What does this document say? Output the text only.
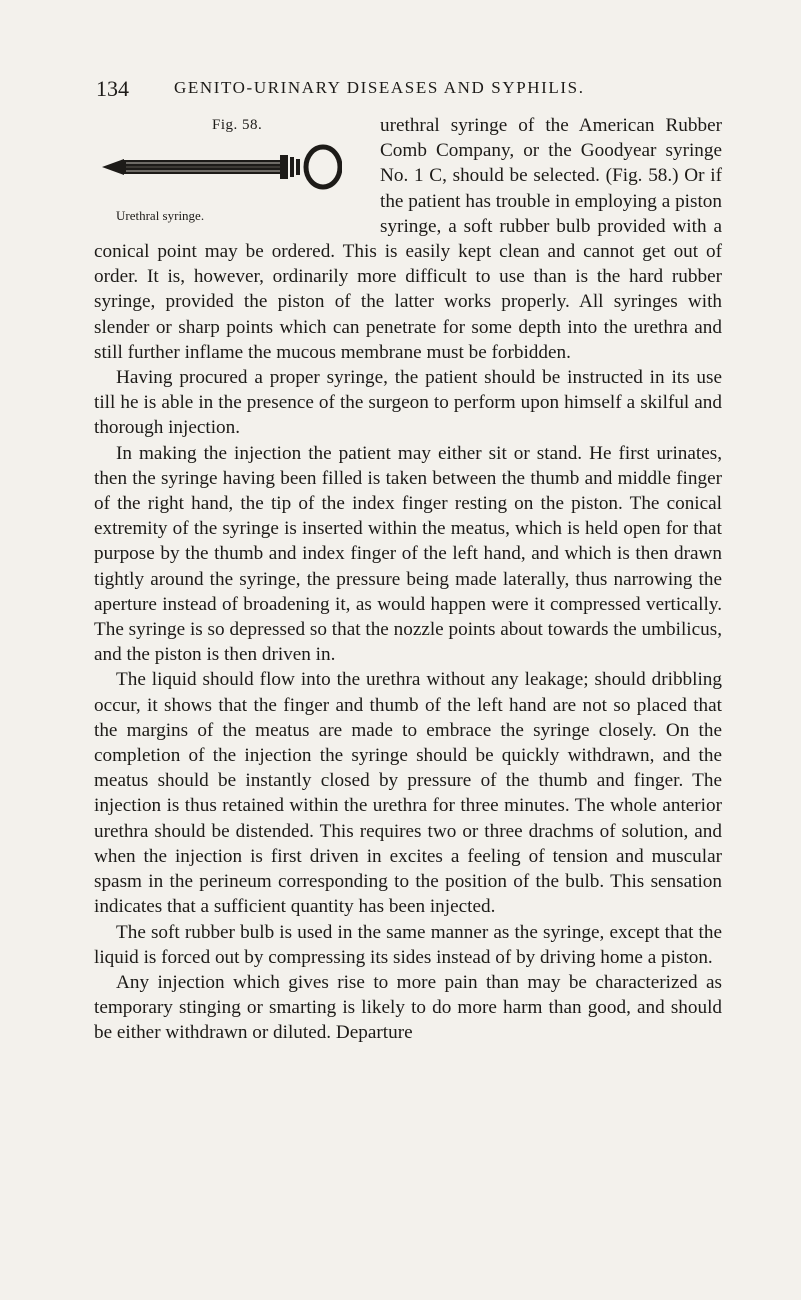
134	GENITO-URINARY DISEASES AND SYPHILIS.

Fig. 58.
Urethral syringe.
urethral syringe of the American Rubber Comb Company, or the Goodyear syringe No. 1 C, should be selected. (Fig. 58.) Or if the patient has trouble in employing a piston syringe, a soft rubber bulb provided with a conical point may be ordered. This is easily kept clean and cannot get out of order. It is, however, ordinarily more difficult to use than is the hard rubber syringe, provided the piston of the latter works properly. All syringes with slender or sharp points which can penetrate for some depth into the urethra and still further inflame the mucous membrane must be forbidden.

Having procured a proper syringe, the patient should be instructed in its use till he is able in the presence of the surgeon to perform upon himself a skilful and thorough injection.

In making the injection the patient may either sit or stand. He first urinates, then the syringe having been filled is taken between the thumb and middle finger of the right hand, the tip of the index finger resting on the piston. The conical extremity of the syringe is inserted within the meatus, which is held open for that purpose by the thumb and index finger of the left hand, and which is then drawn tightly around the syringe, the pressure being made laterally, thus narrowing the aperture instead of broadening it, as would happen were it compressed vertically. The syringe is so depressed so that the nozzle points about towards the umbilicus, and the piston is then driven in.

The liquid should flow into the urethra without any leakage; should dribbling occur, it shows that the finger and thumb of the left hand are not so placed that the margins of the meatus are made to embrace the syringe closely. On the completion of the injection the syringe should be quickly withdrawn, and the meatus should be instantly closed by pressure of the thumb and finger. The injection is thus retained within the urethra for three minutes. The whole anterior urethra should be distended. This requires two or three drachms of solution, and when the injection is first driven in excites a feeling of tension and muscular spasm in the perineum corresponding to the position of the bulb. This sensation indicates that a sufficient quantity has been injected.

The soft rubber bulb is used in the same manner as the syringe, except that the liquid is forced out by compressing its sides instead of by driving home a piston.

Any injection which gives rise to more pain than may be characterized as temporary stinging or smarting is likely to do more harm than good, and should be either withdrawn or diluted. Departure
